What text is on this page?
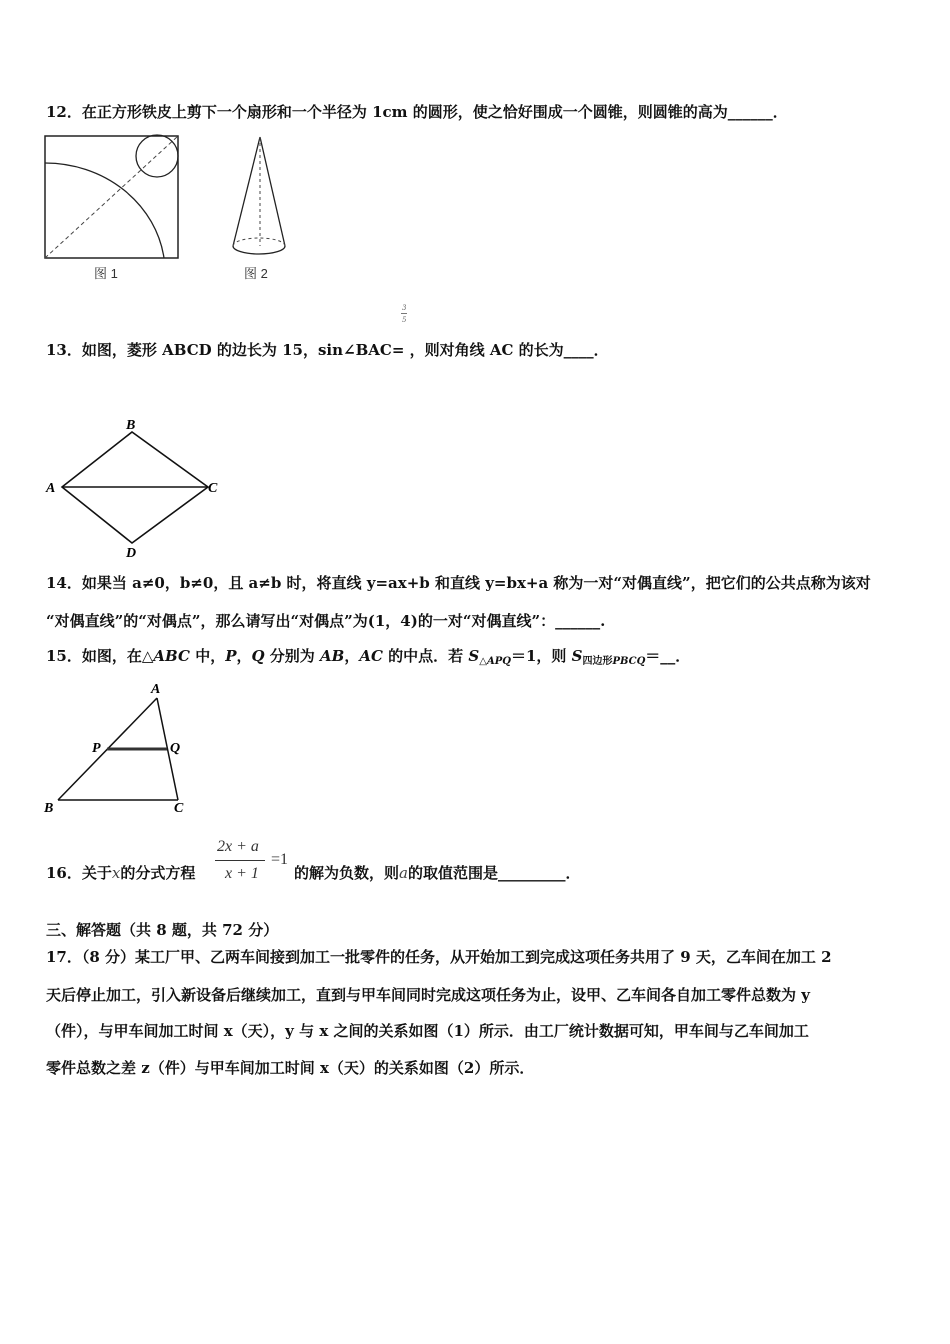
12．在正方形铁皮上剪下一个扇形和一个半径为 1cm 的圆形，使之恰好围成一个圆锥，则圆锥的高为______．
图 1	图 2
3
5
13．如图，菱形 ABCD 的边长为 15，sin∠BAC= ，则对角线 AC 的长为____．
A
B
C
D
14．如果当 a≠0，b≠0，且 a≠b 时，将直线 y=ax+b 和直线 y=bx+a 称为一对“对偶直线”，把它们的公共点称为该对
“对偶直线”的“对偶点”，那么请写出“对偶点”为(1，4)的一对“对偶直线”：______.
15．如图，在△ABC 中，P，Q 分别为 AB，AC 的中点．若 $S_{\triangle APQ}=1$，则 $S_{四边形PBCQ}=\_\_$．
A
P	Q
B	C
16．关于x的分式方程
2x + a
x + 1
=1
的解为负数，则a的取值范围是_________．
三、解答题（共 8 题，共 72 分）
17．（8 分）某工厂甲、乙两车间接到加工一批零件的任务，从开始加工到完成这项任务共用了 9 天，乙车间在加工 2
天后停止加工，引入新设备后继续加工，直到与甲车间同时完成这项任务为止，设甲、乙车间各自加工零件总数为 y
（件），与甲车间加工时间 x（天），y 与 x 之间的关系如图（1）所示．由工厂统计数据可知，甲车间与乙车间加工
零件总数之差 z（件）与甲车间加工时间 x（天）的关系如图（2）所示．
